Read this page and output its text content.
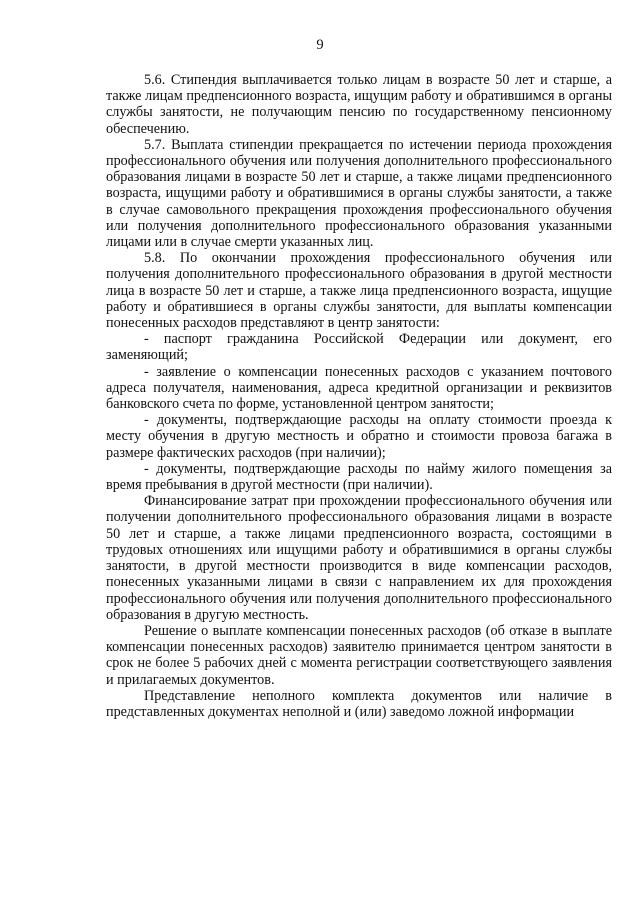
9

5.6. Стипендия выплачивается только лицам в возрасте 50 лет и старше, а также лицам предпенсионного возраста, ищущим работу и обратившимся в органы службы занятости, не получающим пенсию по государственному пенсионному обеспечению.

5.7. Выплата стипендии прекращается по истечении периода прохождения профессионального обучения или получения дополнительного профессионального образования лицами в возрасте 50 лет и старше, а также лицами предпенсионного возраста, ищущими работу и обратившимися в органы службы занятости, а также в случае самовольного прекращения прохождения профессионального обучения или получения дополнительного профессионального образования указанными лицами или в случае смерти указанных лиц.

5.8. По окончании прохождения профессионального обучения или получения дополнительного профессионального образования в другой местности лица в возрасте 50 лет и старше, а также лица предпенсионного возраста, ищущие работу и обратившиеся в органы службы занятости, для выплаты компенсации понесенных расходов представляют в центр занятости:

- паспорт гражданина Российской Федерации или документ, его заменяющий;

- заявление о компенсации понесенных расходов с указанием почтового адреса получателя, наименования, адреса кредитной организации и реквизитов банковского счета по форме, установленной центром занятости;

- документы, подтверждающие расходы на оплату стоимости проезда к месту обучения в другую местность и обратно и стоимости провоза багажа в размере фактических расходов (при наличии);

- документы, подтверждающие расходы по найму жилого помещения за время пребывания в другой местности (при наличии).

Финансирование затрат при прохождении профессионального обучения или получении дополнительного профессионального образования лицами в возрасте 50 лет и старше, а также лицами предпенсионного возраста, состоящими в трудовых отношениях или ищущими работу и обратившимися в органы службы занятости, в другой местности производится в виде компенсации расходов, понесенных указанными лицами в связи с направлением их для прохождения профессионального обучения или получения дополнительного профессионального образования в другую местность.

Решение о выплате компенсации понесенных расходов (об отказе в выплате компенсации понесенных расходов) заявителю принимается центром занятости в срок не более 5 рабочих дней с момента регистрации соответствующего заявления и прилагаемых документов.

Представление неполного комплекта документов или наличие в представленных документах неполной и (или) заведомо ложной информации
